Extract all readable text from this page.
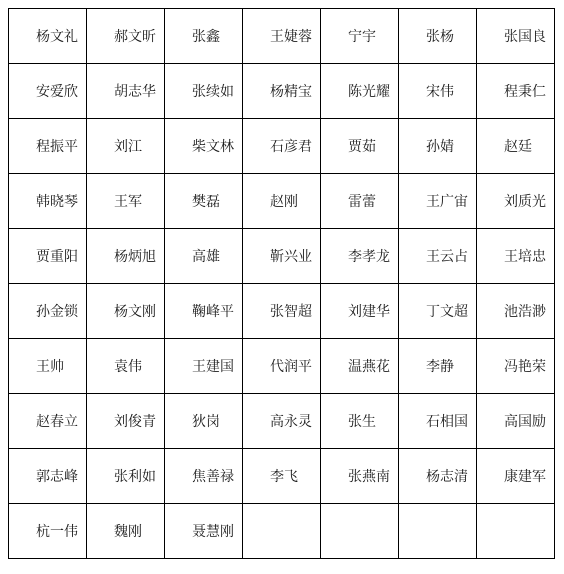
杨文礼	郝文昕	张鑫	王婕蓉	宁宇	张杨	张国良
安爱欣	胡志华	张续如	杨精宝	陈光耀	宋伟	程秉仁
程振平	刘江	柴文林	石彦君	贾茹	孙婧	赵廷
韩晓琴	王军	樊磊	赵刚	雷蕾	王广宙	刘质光
贾重阳	杨炳旭	高雄	靳兴业	李孝龙	王云占	王培忠
孙金锁	杨文刚	鞠峰平	张智超	刘建华	丁文超	池浩渺
王帅	袁伟	王建国	代润平	温燕花	李静	冯艳荣
赵春立	刘俊青	狄岗	高永灵	张生	石相国	高国励
郭志峰	张利如	焦善禄	李飞	张燕南	杨志清	康建军
杭一伟	魏刚	聂慧刚				
